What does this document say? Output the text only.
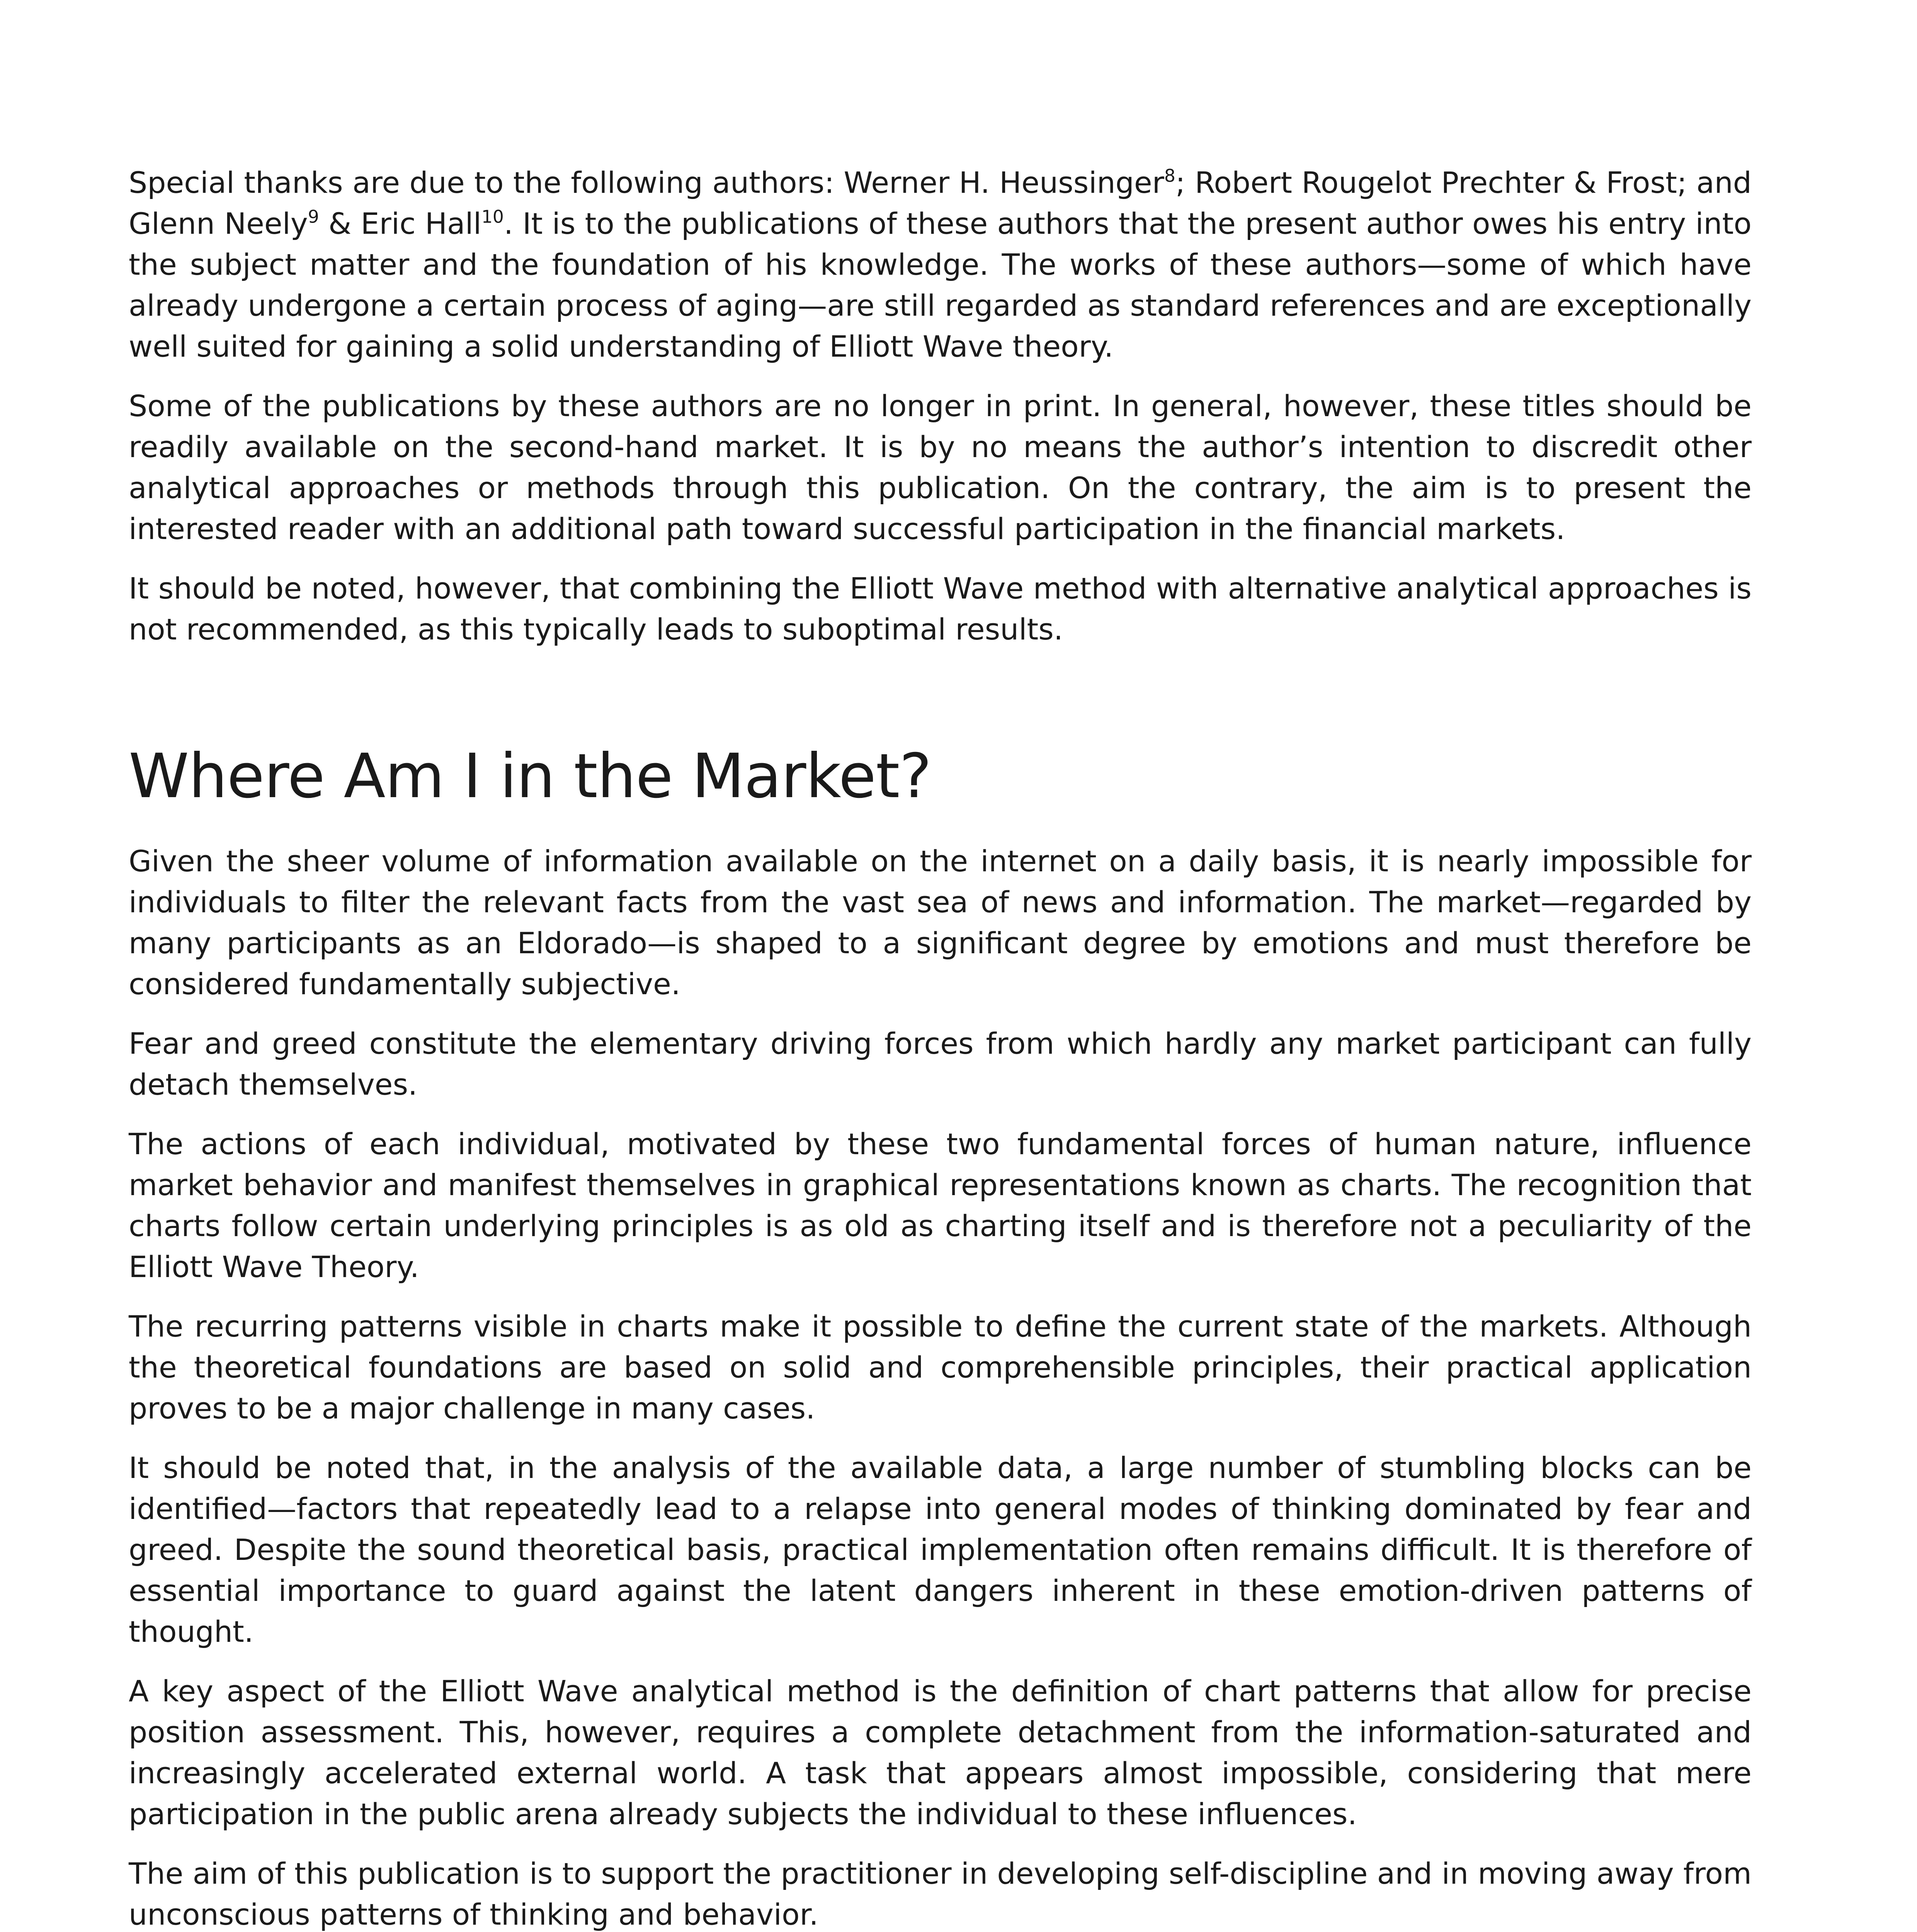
Special thanks are due to the following authors: Werner H. Heussinger$^8$; Robert Rougelot Prechter & Frost; and Glenn Neely$^9$ & Eric Hall$^{10}$. It is to the publications of these authors that the present author owes his entry into the subject matter and the foundation of his knowledge. The works of these authors—some of which have already undergone a certain process of aging—are still regarded as standard references and are exceptionally well suited for gaining a solid understanding of Elliott Wave theory.

Some of the publications by these authors are no longer in print. In general, however, these titles should be readily available on the second-hand market. It is by no means the author’s intention to discredit other analytical approaches or methods through this publication. On the contrary, the aim is to present the interested reader with an additional path toward successful participation in the financial markets.

It should be noted, however, that combining the Elliott Wave method with alternative analytical approaches is not recommended, as this typically leads to suboptimal results.

Where Am I in the Market?

Given the sheer volume of information available on the internet on a daily basis, it is nearly impossible for individuals to filter the relevant facts from the vast sea of news and information. The market—regarded by many participants as an Eldorado—is shaped to a significant degree by emotions and must therefore be considered fundamentally subjective.

Fear and greed constitute the elementary driving forces from which hardly any market participant can fully detach themselves.

The actions of each individual, motivated by these two fundamental forces of human nature, influence market behavior and manifest themselves in graphical representations known as charts. The recognition that charts follow certain underlying principles is as old as charting itself and is therefore not a peculiarity of the Elliott Wave Theory.

The recurring patterns visible in charts make it possible to define the current state of the markets. Although the theoretical foundations are based on solid and comprehensible principles, their practical application proves to be a major challenge in many cases.

It should be noted that, in the analysis of the available data, a large number of stumbling blocks can be identified—factors that repeatedly lead to a relapse into general modes of thinking dominated by fear and greed. Despite the sound theoretical basis, practical implementation often remains difficult. It is therefore of essential importance to guard against the latent dangers inherent in these emotion-driven patterns of thought.

A key aspect of the Elliott Wave analytical method is the definition of chart patterns that allow for precise position assessment. This, however, requires a complete detachment from the information-saturated and increasingly accelerated external world. A task that appears almost impossible, considering that mere participation in the public arena already subjects the individual to these influences.

The aim of this publication is to support the practitioner in developing self-discipline and in moving away from unconscious patterns of thinking and behavior.
